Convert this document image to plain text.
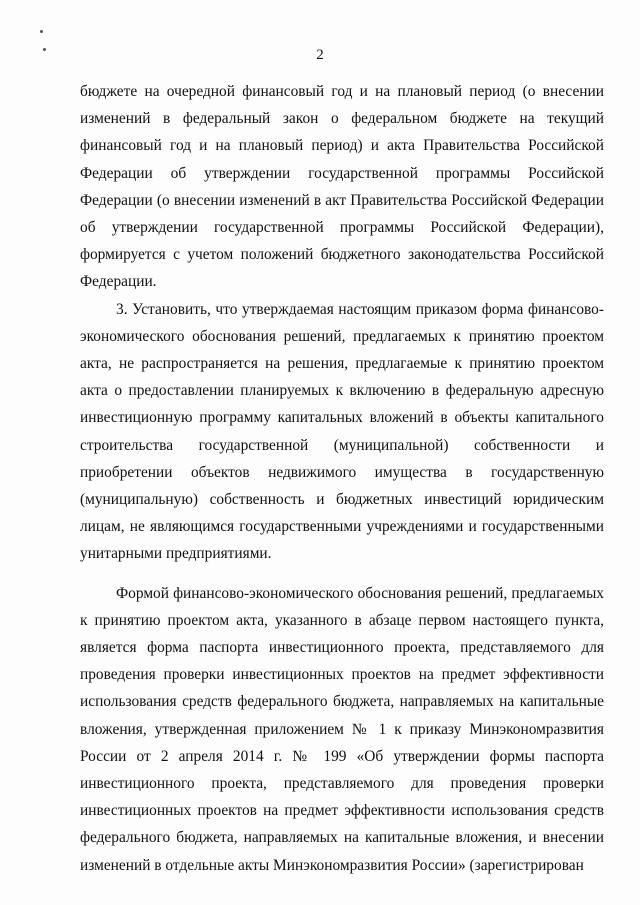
2

бюджете на очередной финансовый год и на плановый период (о внесении изменений в федеральный закон о федеральном бюджете на текущий финансовый год и на плановый период) и акта Правительства Российской Федерации об утверждении государственной программы Российской Федерации (о внесении изменений в акт Правительства Российской Федерации об утверждении государственной программы Российской Федерации), формируется с учетом положений бюджетного законодательства Российской Федерации.

3. Установить, что утверждаемая настоящим приказом форма финансово-экономического обоснования решений, предлагаемых к принятию проектом акта, не распространяется на решения, предлагаемые к принятию проектом акта о предоставлении планируемых к включению в федеральную адресную инвестиционную программу капитальных вложений в объекты капитального строительства государственной (муниципальной) собственности и приобретении объектов недвижимого имущества в государственную (муниципальную) собственность и бюджетных инвестиций юридическим лицам, не являющимся государственными учреждениями и государственными унитарными предприятиями.

Формой финансово-экономического обоснования решений, предлагаемых к принятию проектом акта, указанного в абзаце первом настоящего пункта, является форма паспорта инвестиционного проекта, представляемого для проведения проверки инвестиционных проектов на предмет эффективности использования средств федерального бюджета, направляемых на капитальные вложения, утвержденная приложением № 1 к приказу Минэкономразвития России от 2 апреля 2014 г. № 199 «Об утверждении формы паспорта инвестиционного проекта, представляемого для проведения проверки инвестиционных проектов на предмет эффективности использования средств федерального бюджета, направляемых на капитальные вложения, и внесении изменений в отдельные акты Минэкономразвития России» (зарегистрирован
